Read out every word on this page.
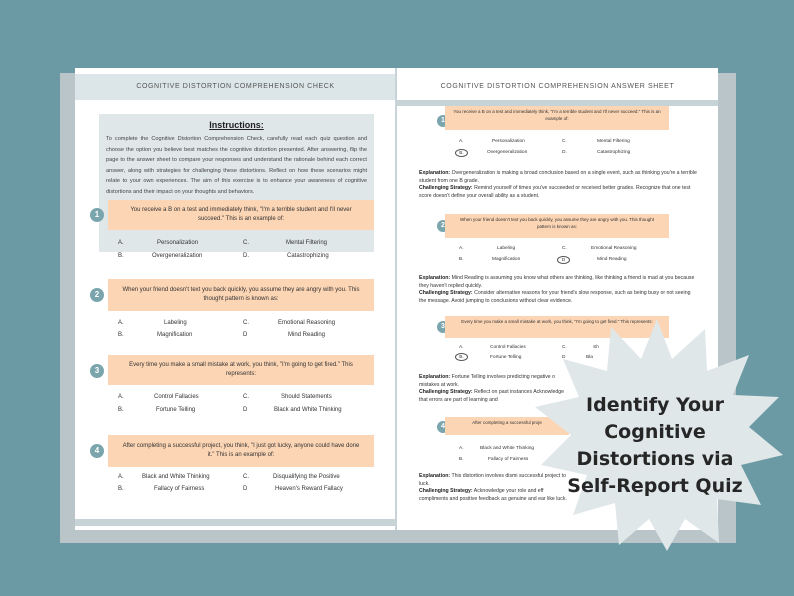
COGNITIVE DISTORTION COMPREHENSION CHECK
Instructions:
To complete the Cognitive Distortion Comprehension Check, carefully read each quiz question and choose the option you believe best matches the cognitive distortion presented. After answering, flip the page to the answer sheet to compare your responses and understand the rationale behind each correct answer, along with strategies for challenging these distortions. Reflect on how these scenarios might relate to your own experiences. The aim of this exercise is to enhance your awareness of cognitive distortions and their impact on your thoughts and behaviors.
1	You receive a B on a test and immediately think, "I'm a terrible student and I'll never succeed." This is an example of:
A.	Personalization	C.	Mental Filtering
B.	Overgeneralization	D.	Catastrophizing
2	When your friend doesn't text you back quickly, you assume they are angry with you. This thought pattern is known as:
A.	Labeling	C.	Emotional Reasoning
B.	Magnification	D	Mind Reading
3
Every time you make a small mistake at work, you think, "I'm going to get fired." This represents:
A.	Control Fallacies	C.	Should Statements
B.	Fortune Telling	D	Black and White Thinking
4	After completing a successful project, you think, "I just got lucky, anyone could have done it." This is an example of:
A.	Black and White Thinking	C.	Disqualifying the Positive
B.	Fallacy of Fairness	D	Heaven's Reward Fallacy
COGNITIVE DISTORTION COMPREHENSION ANSWER SHEET
1
You receive a B on a test and immediately think, "I'm a terrible student and I'll never succeed." This is an example of:
A.	Personalization	C.	Mental Filtering
B.	Overgeneralization	D.	Catastrophizing
Explanation: Overgeneralization is making a broad conclusion based on a single event, such as thinking you're a terrible student from one B grade.
Challenging Strategy: Remind yourself of times you've succeeded or received better grades. Recognize that one test score doesn't define your overall ability as a student.
2
When your friend doesn't text you back quickly, you assume they are angry with you. This thought pattern is known as:
A.	Labeling	C.	Emotional Reasoning
B.	Magnification	D	Mind Reading
Explanation: Mind Reading is assuming you know what others are thinking, like thinking a friend is mad at you because they haven't replied quickly.
Challenging Strategy: Consider alternative reasons for your friend's slow response, such as being busy or not seeing the message. Avoid jumping to conclusions without clear evidence.
3
Every time you make a small mistake at work, you think, "I'm going to get fired." This represents:
A.	Control Fallacies	C.	Sh
B.	Fortune Telling	D	Bla
Explanation: Fortune Telling involves predicting negative o mistakes at work.
Challenging Strategy: Reflect on past instances Acknowledge that errors are part of learning and
4
After completing a successful proje
A.	Black and White Thinking
B.	Fallacy of Fairness
Explanation: This distortion involves dismi successful project to luck.
Challenging Strategy: Acknowledge your role and eff compliments and positive feedback as genuine and ear like luck.
Identify Your
Cognitive
Distortions via
Self-Report Quiz
